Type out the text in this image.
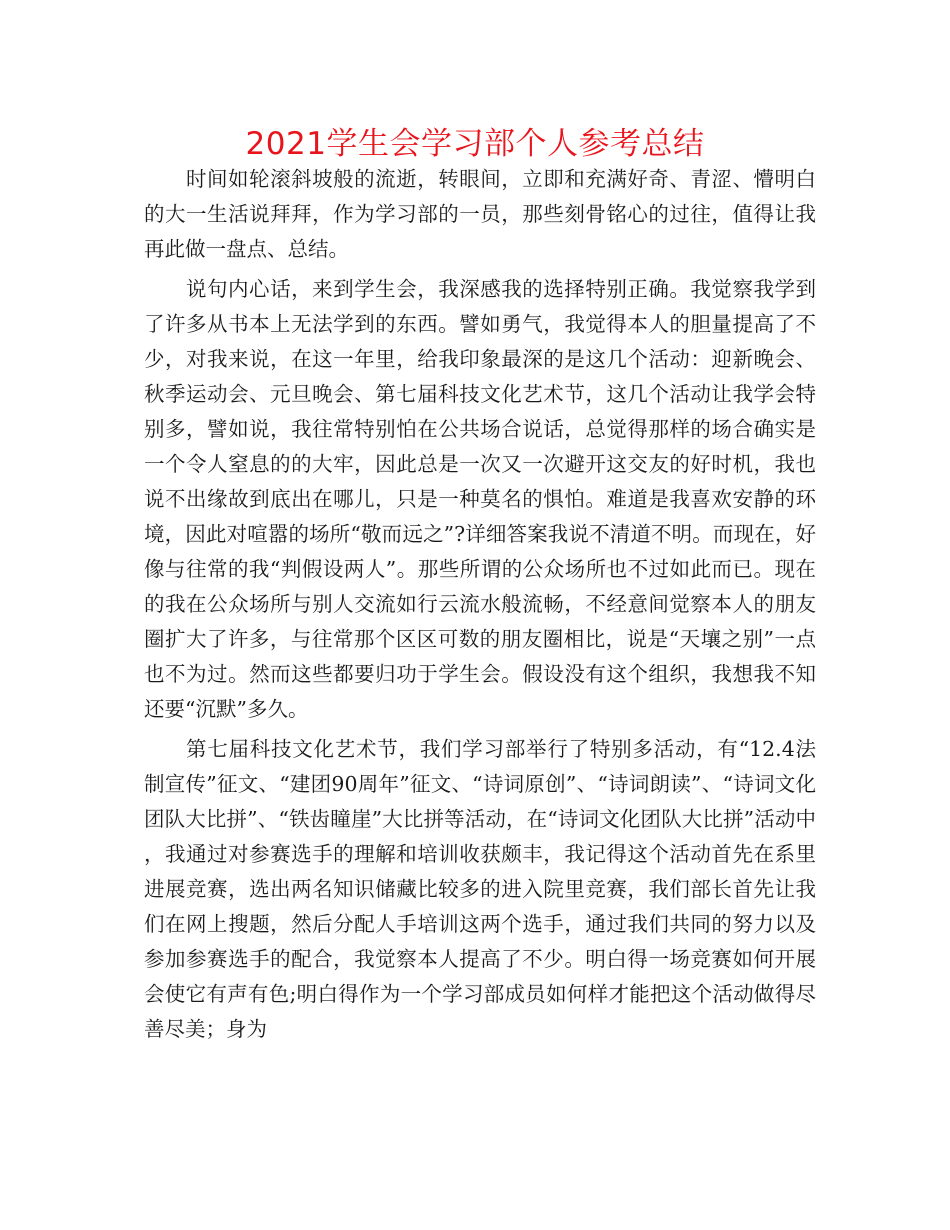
2021学生会学习部个人参考总结

时间如轮滚斜坡般的流逝，转眼间，立即和充满好奇、青涩、懵明白的大一生活说拜拜，作为学习部的一员，那些刻骨铭心的过往，值得让我再此做一盘点、总结。

说句内心话，来到学生会，我深感我的选择特别正确。我觉察我学到了许多从书本上无法学到的东西。譬如勇气，我觉得本人的胆量提高了不少，对我来说，在这一年里，给我印象最深的是这几个活动：迎新晚会、秋季运动会、元旦晚会、第七届科技文化艺术节，这几个活动让我学会特别多，譬如说，我往常特别怕在公共场合说话，总觉得那样的场合确实是一个令人窒息的的大牢，因此总是一次又一次避开这交友的好时机，我也说不出缘故到底出在哪儿，只是一种莫名的惧怕。难道是我喜欢安静的环境，因此对喧嚣的场所“敬而远之”?详细答案我说不清道不明。而现在，好像与往常的我“判假设两人”。那些所谓的公众场所也不过如此而已。现在的我在公众场所与别人交流如行云流水般流畅，不经意间觉察本人的朋友圈扩大了许多，与往常那个区区可数的朋友圈相比，说是“天壤之别”一点也不为过。然而这些都要归功于学生会。假设没有这个组织，我想我不知还要“沉默”多久。

第七届科技文化艺术节，我们学习部举行了特别多活动，有“12.4法制宣传”征文、“建团90周年”征文、“诗词原创”、“诗词朗读”、“诗词文化团队大比拼”、“铁齿瞳崖”大比拼等活动，在“诗词文化团队大比拼”活动中，我通过对参赛选手的理解和培训收获颇丰，我记得这个活动首先在系里进展竞赛，选出两名知识储藏比较多的进入院里竞赛，我们部长首先让我们在网上搜题，然后分配人手培训这两个选手，通过我们共同的努力以及参加参赛选手的配合，我觉察本人提高了不少。明白得一场竞赛如何开展会使它有声有色;明白得作为一个学习部成员如何样才能把这个活动做得尽善尽美；身为
